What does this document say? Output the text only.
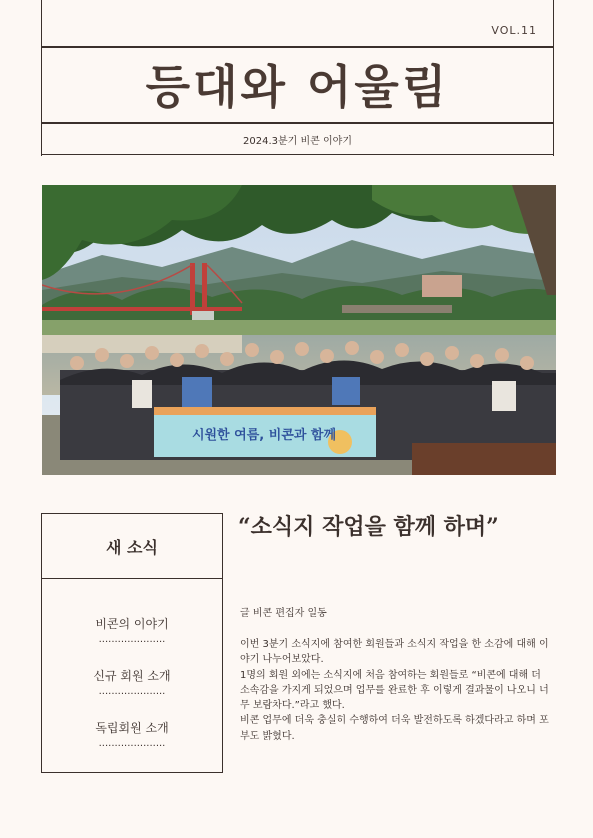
VOL.11
등대와 어울림
2024.3분기 비콘 이야기
시원한 여름, 비콘과 함께
새 소식
비콘의 이야기
.....................
신규 회원 소개
.....................
독립회원 소개
.....................
“소식지 작업을 함께 하며”
글 비콘 편집자 일동

이번 3분기 소식지에 참여한 회원들과 소식지 작업을 한 소감에 대해 이야기 나누어보았다.

1명의 회원 외에는 소식지에 처음 참여하는 회원들로 “비콘에 대해 더 소속감을 가지게 되었으며 업무를 완료한 후 이렇게 결과물이 나오니 너무 보람차다.”라고 했다.

비콘 업무에 더욱 충실히 수행하여 더욱 발전하도록 하겠다라고 하며 포부도 밝혔다.
